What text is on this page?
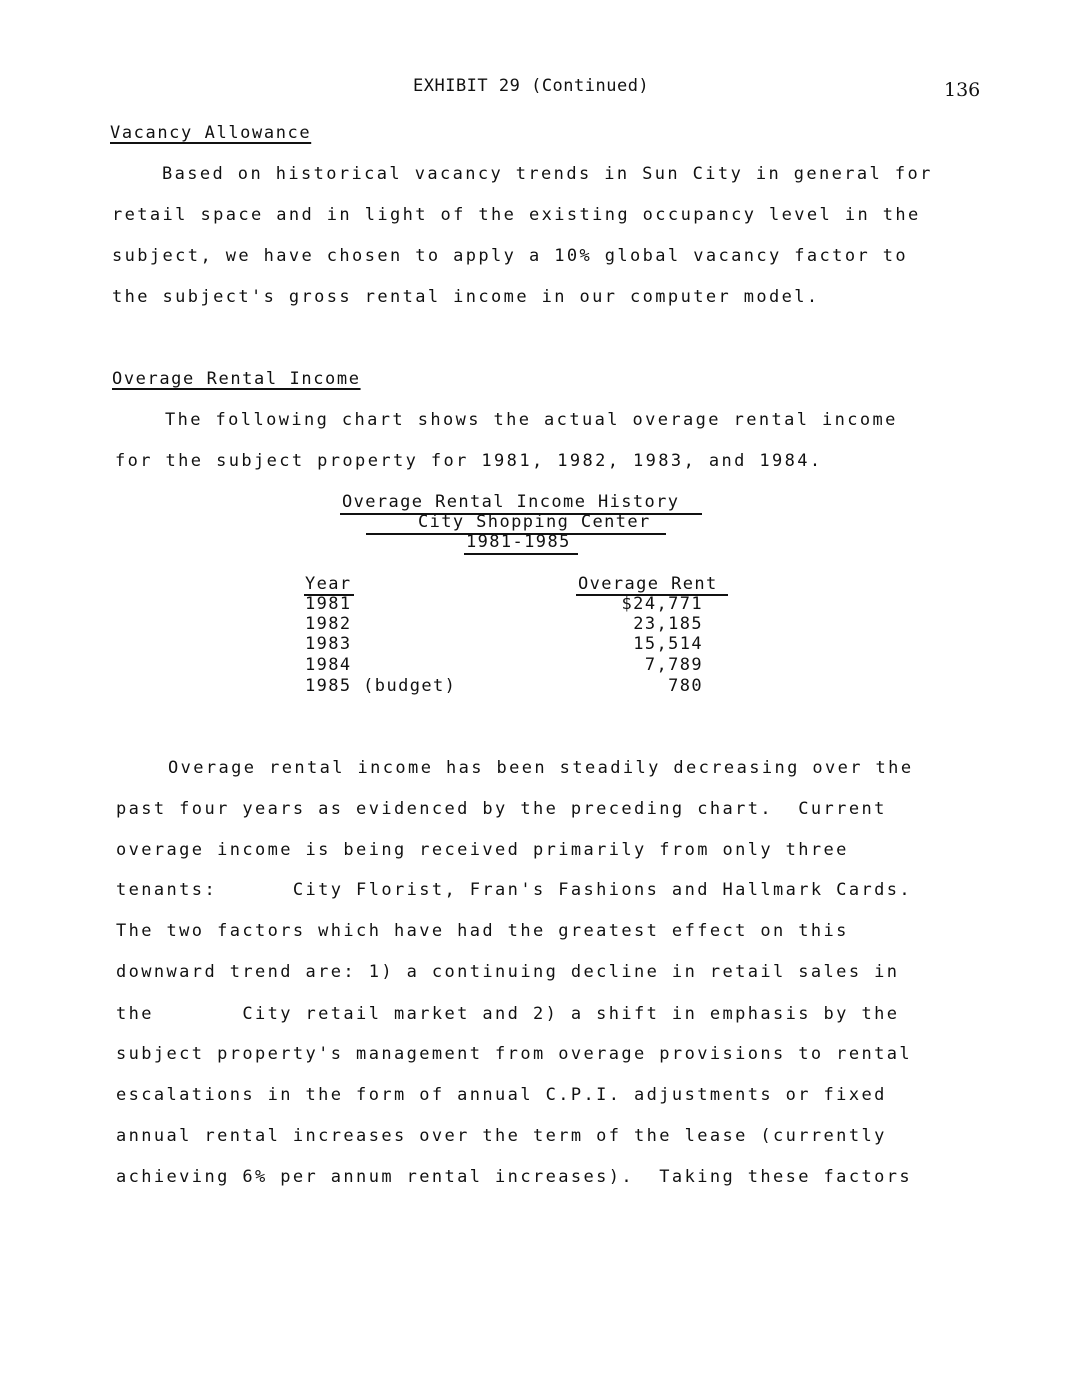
EXHIBIT 29 (Continued)	136
Vacancy Allowance
Based on historical vacancy trends in Sun City in general for
retail space and in light of the existing occupancy level in the
subject, we have chosen to apply a 10% global vacancy factor to
the subject's gross rental income in our computer model.
Overage Rental Income
The following chart shows the actual overage rental income
for the subject property for 1981, 1982, 1983, and 1984.
Overage Rental Income History
City Shopping Center
1981-1985
Year	Overage Rent
1981	$24,771
1982	23,185
1983	15,514
1984	7,789
1985 (budget)	780
Overage rental income has been steadily decreasing over the
past four years as evidenced by the preceding chart.  Current
overage income is being received primarily from only three
tenants:      City Florist, Fran's Fashions and Hallmark Cards.
The two factors which have had the greatest effect on this
downward trend are: 1) a continuing decline in retail sales in
the       City retail market and 2) a shift in emphasis by the
subject property's management from overage provisions to rental
escalations in the form of annual C.P.I. adjustments or fixed
annual rental increases over the term of the lease (currently
achieving 6% per annum rental increases).  Taking these factors
